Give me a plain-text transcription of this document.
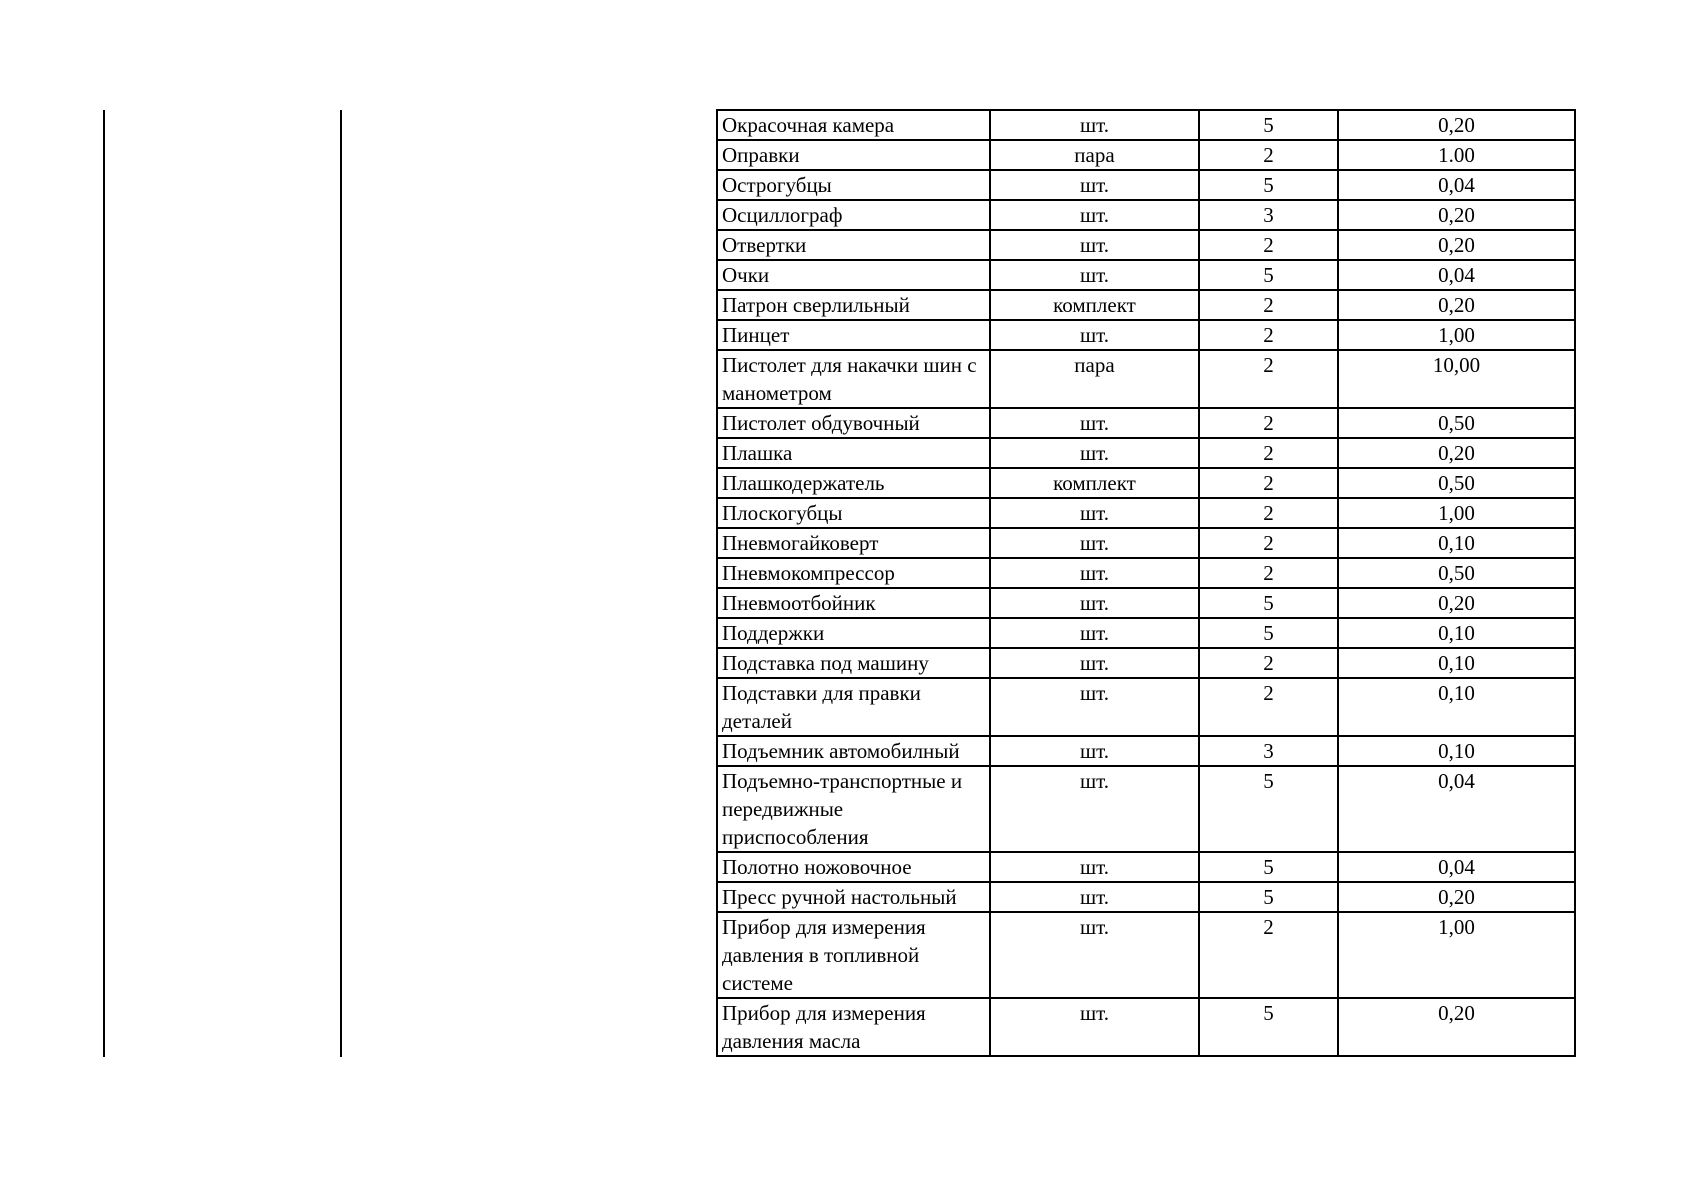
Окрасочная камера	шт.	5	0,20
Оправки	пара	2	1.00
Острогубцы	шт.	5	0,04
Осциллограф	шт.	3	0,20
Отвертки	шт.	2	0,20
Очки	шт.	5	0,04
Патрон сверлильный	комплект	2	0,20
Пинцет	шт.	2	1,00
Пистолет для накачки шин с манометром	пара	2	10,00
Пистолет обдувочный	шт.	2	0,50
Плашка	шт.	2	0,20
Плашкодержатель	комплект	2	0,50
Плоскогубцы	шт.	2	1,00
Пневмогайковерт	шт.	2	0,10
Пневмокомпрессор	шт.	2	0,50
Пневмоотбойник	шт.	5	0,20
Поддержки	шт.	5	0,10
Подставка под машину	шт.	2	0,10
Подставки для правки деталей	шт.	2	0,10
Подъемник автомобилный	шт.	3	0,10
Подъемно-транспортные и передвижные приспособления	шт.	5	0,04
Полотно ножовочное	шт.	5	0,04
Пресс ручной настольный	шт.	5	0,20
Прибор для измерения давления в топливной системе	шт.	2	1,00
Прибор для измерения давления масла	шт.	5	0,20
